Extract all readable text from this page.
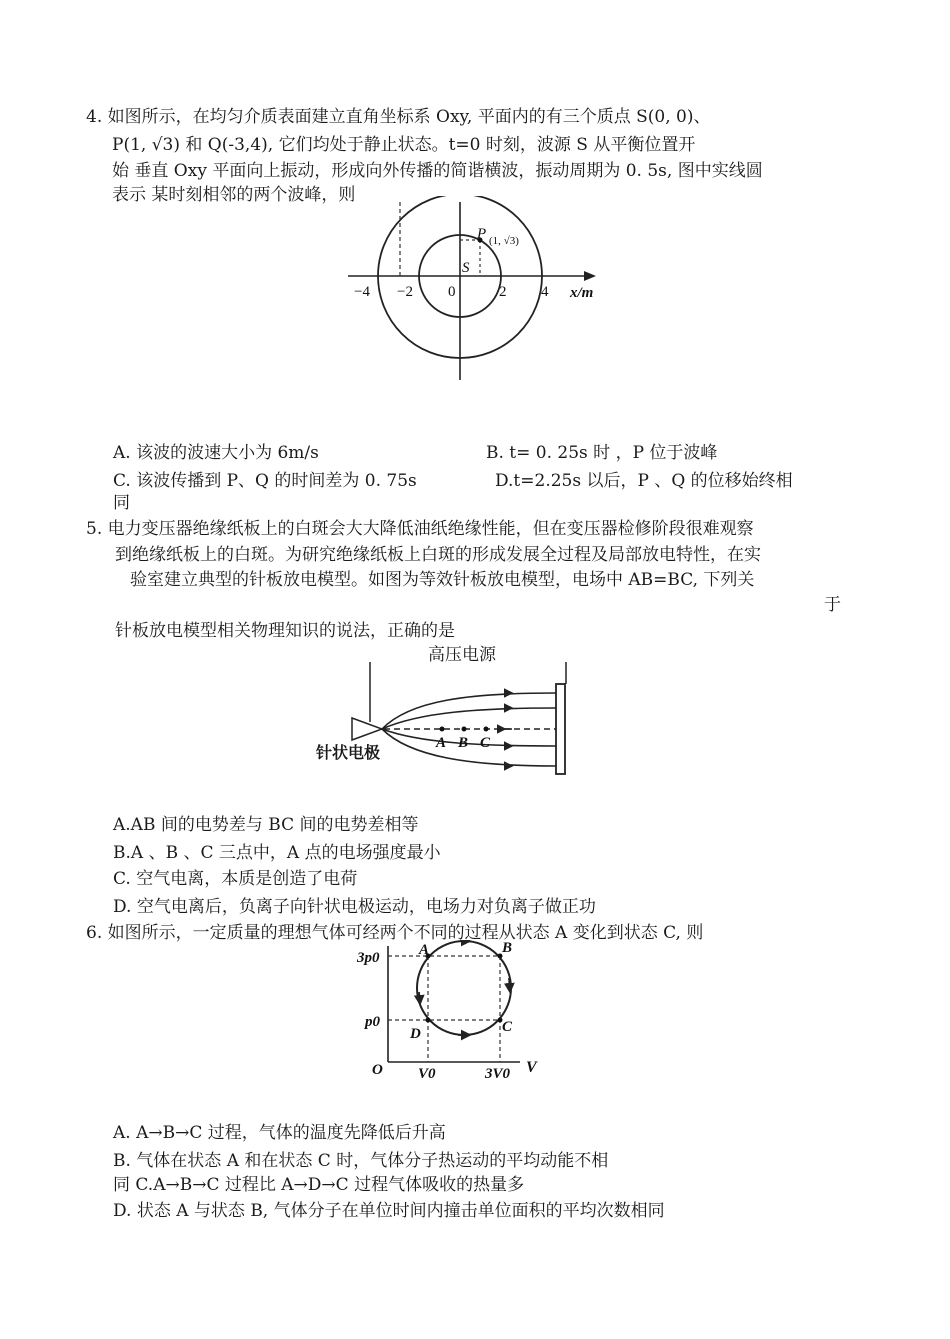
4. 如图所示，在均匀介质表面建立直角坐标系 Oxy, 平面内的有三个质点 S(0, 0)、
P(1, √3) 和 Q(-3,4), 它们均处于静止状态。t=0 时刻，波源 S 从平衡位置开
始 垂直 Oxy 平面向上振动，形成向外传播的简谐横波，振动周期为 0. 5s, 图中实线圆
表示 某时刻相邻的两个波峰，则
P (1, √3)
S
−4 −2 0	2 4 x/m
A. 该波的波速大小为 6m/s	B. t= 0. 25s 时 ，P 位于波峰
C. 该波传播到 P、Q 的时间差为 0. 75s	D.t=2.25s 以后，P 、Q 的位移始终相
同
5. 电力变压器绝缘纸板上的白斑会大大降低油纸绝缘性能，但在变压器检修阶段很难观察
到绝缘纸板上的白斑。为研究绝缘纸板上白斑的形成发展全过程及局部放电特性，在实
验室建立典型的针板放电模型。如图为等效针板放电模型，电场中 AB=BC, 下列关
于
针板放电模型相关物理知识的说法，正确的是
高压电源
A B C
针状电极
A.AB 间的电势差与 BC 间的电势差相等
B.A 、B 、C 三点中，A 点的电场强度最小
C. 空气电离，本质是创造了电荷
D. 空气电离后，负离子向针状电极运动，电场力对负离子做正功
6. 如图所示，一定质量的理想气体可经两个不同的过程从状态 A 变化到状态 C, 则
A	B
C
D
3p0
p0
O V0	3V0 V
A. A→B→C 过程，气体的温度先降低后升高
B. 气体在状态 A 和在状态 C 时，气体分子热运动的平均动能不相
同 C.A→B→C 过程比 A→D→C 过程气体吸收的热量多
D. 状态 A 与状态 B, 气体分子在单位时间内撞击单位面积的平均次数相同
